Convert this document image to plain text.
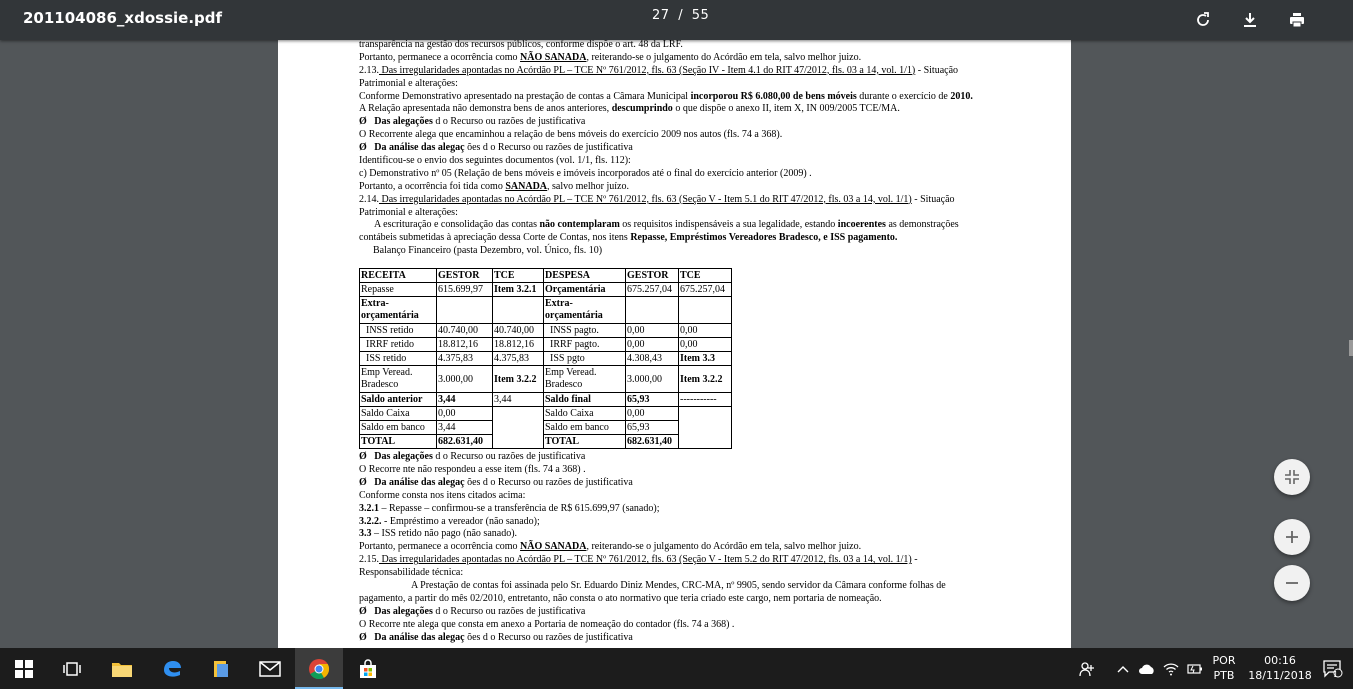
201104086_xdossie.pdf	27 / 55
transparência na gestão dos recursos públicos, conforme dispõe o art. 48 da LRF.
Portanto, permanece a ocorrência como NÃO SANADA, reiterando-se o julgamento do Acórdão em tela, salvo melhor juizo.
2.13. Das irregularidades apontadas no Acórdão PL – TCE Nº 761/2012, fls. 63 (Seção IV - Item 4.1 do RIT 47/2012, fls. 03 a 14, vol. 1/1) - Situação
Patrimonial e alterações:
Conforme Demonstrativo apresentado na prestação de contas a Câmara Municipal incorporou R$ 6.080,00 de bens móveis durante o exercício de 2010.
A Relação apresentada não demonstra bens de anos anteriores, descumprindo o que dispõe o anexo II, item X, IN 009/2005 TCE/MA.
Ø Das alegações d o Recurso ou razões de justificativa
O Recorrente alega que encaminhou a relação de bens móveis do exercício 2009 nos autos (fls. 74 a 368).
Ø Da análise das alegaç ões d o Recurso ou razões de justificativa
Identificou-se o envio dos seguintes documentos (vol. 1/1, fls. 112):
c) Demonstrativo nº 05 (Relação de bens móveis e imóveis incorporados até o final do exercício anterior (2009) .
Portanto, a ocorrência foi tida como SANADA, salvo melhor juízo.
2.14. Das irregularidades apontadas no Acórdão PL – TCE Nº 761/2012, fls. 63 (Seção V - Item 5.1 do RIT 47/2012, fls. 03 a 14, vol. 1/1) - Situação
Patrimonial e alterações:
A escrituração e consolidação das contas não contemplaram os requisitos indispensáveis a sua legalidade, estando incoerentes as demonstrações
contábeis submetidas à apreciação dessa Corte de Contas, nos itens Repasse, Empréstimos Vereadores Bradesco, e ISS pagamento.
Balanço Financeiro (pasta Dezembro, vol. Único, fls. 10)
RECEITA	GESTOR	TCE	DESPESA	GESTOR	TCE
Repasse	615.699,97	Item 3.2.1	Orçamentária	675.257,04	675.257,04
Extra-orçamentária			Extra-orçamentária		
INSS retido	40.740,00	40.740,00	INSS pagto.	0,00	0,00
IRRF retido	18.812,16	18.812,16	IRRF pagto.	0,00	0,00
ISS retido	4.375,83	4.375,83	ISS pgto	4.308,43	Item 3.3
Emp Veread. Bradesco	3.000,00	Item 3.2.2	Emp Veread. Bradesco	3.000,00	Item 3.2.2
Saldo anterior	3,44	3,44	Saldo final	65,93	-----------
Saldo Caixa	0,00		Saldo Caixa	0,00	
Saldo em banco	3,44		Saldo em banco	65,93	
TOTAL	682.631,40		TOTAL	682.631,40	
Ø Das alegações d o Recurso ou razões de justificativa
O Recorre nte não respondeu a esse item (fls. 74 a 368) .
Ø Da análise das alegaç ões d o Recurso ou razões de justificativa
Conforme consta nos itens citados acima:
3.2.1 – Repasse – confirmou-se a transferência de R$ 615.699,97 (sanado);
3.2.2. - Empréstimo a vereador (não sanado);
3.3 – ISS retido não pago (não sanado).
Portanto, permanece a ocorrência como NÃO SANADA, reiterando-se o julgamento do Acórdão em tela, salvo melhor juizo.
2.15. Das irregularidades apontadas no Acórdão PL – TCE Nº 761/2012, fls. 63 (Seção V - Item 5.2 do RIT 47/2012, fls. 03 a 14, vol. 1/1) -
Responsabilidade técnica:
A Prestação de contas foi assinada pelo Sr. Eduardo Diniz Mendes, CRC-MA, nº 9905, sendo servidor da Câmara conforme folhas de
pagamento, a partir do mês 02/2010, entretanto, não consta o ato normativo que teria criado este cargo, nem portaria de nomeação.
Ø Das alegações d o Recurso ou razões de justificativa
O Recorre nte alega que consta em anexo a Portaria de nomeação do contador (fls. 74 a 368) .
Ø Da análise das alegaç ões d o Recurso ou razões de justificativa
POR
PTB
00:16
18/11/2018	1
